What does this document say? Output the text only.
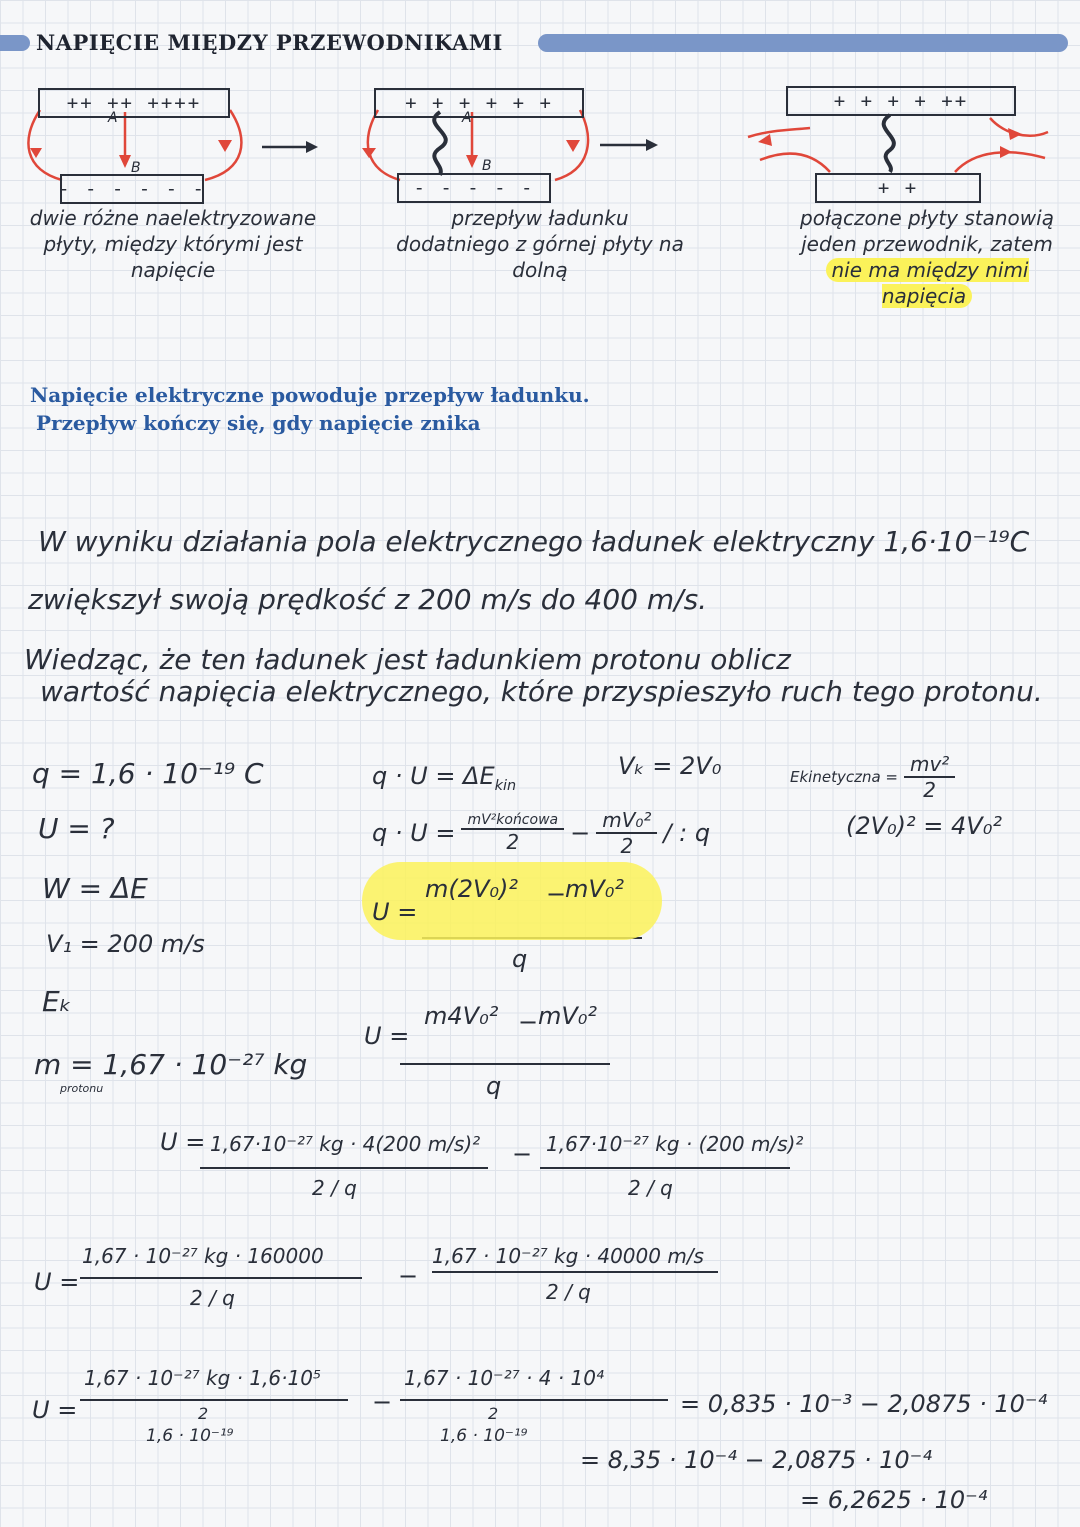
NAPIĘCIE MIĘDZY PRZEWODNIKAMI
++ ++ ++++
A
B
- - - - - -
dwie różne naelektryzowane płyty, między którymi jest napięcie
+ + + + + +
A
B
- - - - -
przepływ ładunku dodatniego z górnej płyty na dolną
+ + + + ++
+ +
połączone płyty stanowią jeden przewodnik, zatem nie ma między nimi napięcia
Napięcie elektryczne powoduje przepływ ładunku.
Przepływ kończy się, gdy napięcie znika
W wyniku działania pola elektrycznego ładunek elektryczny 1,6·10⁻¹⁹C
zwiększył swoją prędkość z 200 m/s do 400 m/s.
Wiedząc, że ten ładunek jest ładunkiem protonu oblicz
wartość napięcia elektrycznego, które przyspieszyło ruch tego protonu.
q = 1,6 · 10⁻¹⁹ C
U = ?
W = ΔE
V₁ = 200 m/s
Eₖ
m = 1,67 · 10⁻²⁷ kg
protonu
$q \cdot U = \Delta E_{kin}$
Vₖ = 2V₀	Ekinetyczna = $\frac{\text{mv²}}{2}$
$q \cdot U = \frac{\text{mV²końcowa}}{2} - \frac{\text{mV₀²}}{2}$ / : q	(2V₀)² = 4V₀²
U =
m(2V₀)² −
mV₀²
q
U =
m4V₀² − mV₀²
q
U = 1,67·10⁻²⁷ kg · 4(200 m/s)² − 1,67·10⁻²⁷ kg · (200 m/s)²
2 / q	2 / q
U =
1,67 · 10⁻²⁷ kg · 160000
−
1,67 · 10⁻²⁷ kg · 40000 m/s
2 / q	2 / q
U =
1,67 · 10⁻²⁷ kg · 1,6·10⁵
−
1,67 · 10⁻²⁷ · 4 · 10⁴
2
1,6 · 10⁻¹⁹
2
1,6 · 10⁻¹⁹
= 0,835 · 10⁻³ − 2,0875 · 10⁻⁴
= 8,35 · 10⁻⁴ − 2,0875 · 10⁻⁴
= 6,2625 · 10⁻⁴
